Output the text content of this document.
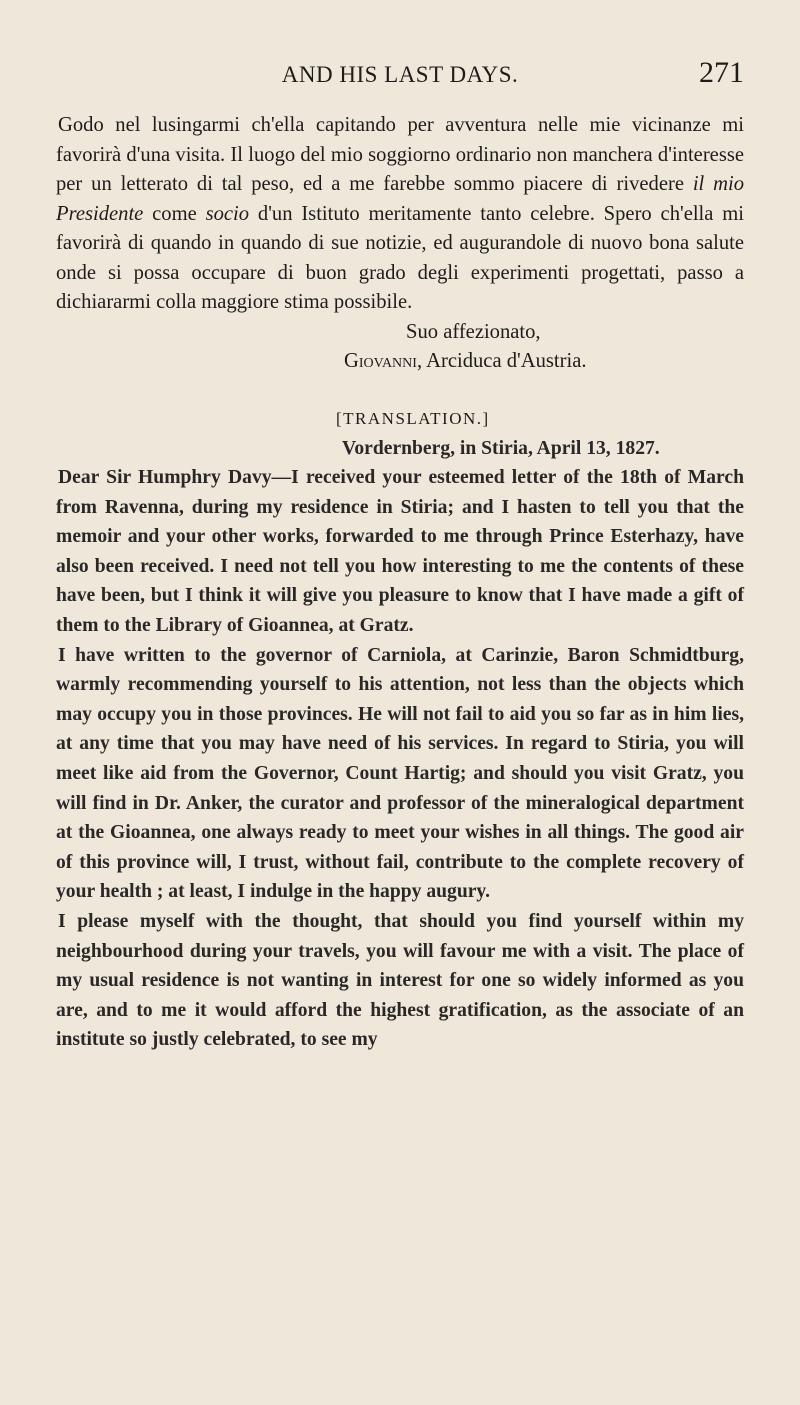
AND HIS LAST DAYS.	271

Godo nel lusingarmi ch'ella capitando per avventura nelle mie vicinanze mi favorirà d'una visita. Il luogo del mio soggiorno ordinario non manchera d'interesse per un letterato di tal peso, ed a me farebbe sommo piacere di rivedere il mio Presidente come socio d'un Istituto meritamente tanto celebre. Spero ch'ella mi favorirà di quando in quando di sue notizie, ed augurandole di nuovo bona salute onde si possa occupare di buon grado degli experimenti progettati, passo a dichiararmi colla maggiore stima possibile.

Suo affezionato,

Giovanni, Arciduca d'Austria.

[TRANSLATION.]

Vordernberg, in Stiria, April 13, 1827.

Dear Sir Humphry Davy—I received your esteemed letter of the 18th of March from Ravenna, during my residence in Stiria; and I hasten to tell you that the memoir and your other works, forwarded to me through Prince Esterhazy, have also been received. I need not tell you how interesting to me the contents of these have been, but I think it will give you pleasure to know that I have made a gift of them to the Library of Gioannea, at Gratz.

I have written to the governor of Carniola, at Carinzie, Baron Schmidtburg, warmly recommending yourself to his attention, not less than the objects which may occupy you in those provinces. He will not fail to aid you so far as in him lies, at any time that you may have need of his services. In regard to Stiria, you will meet like aid from the Governor, Count Hartig; and should you visit Gratz, you will find in Dr. Anker, the curator and professor of the mineralogical department at the Gioannea, one always ready to meet your wishes in all things. The good air of this province will, I trust, without fail, contribute to the complete recovery of your health ; at least, I indulge in the happy augury.

I please myself with the thought, that should you find yourself within my neighbourhood during your travels, you will favour me with a visit. The place of my usual residence is not wanting in interest for one so widely informed as you are, and to me it would afford the highest gratification, as the associate of an institute so justly celebrated, to see my
